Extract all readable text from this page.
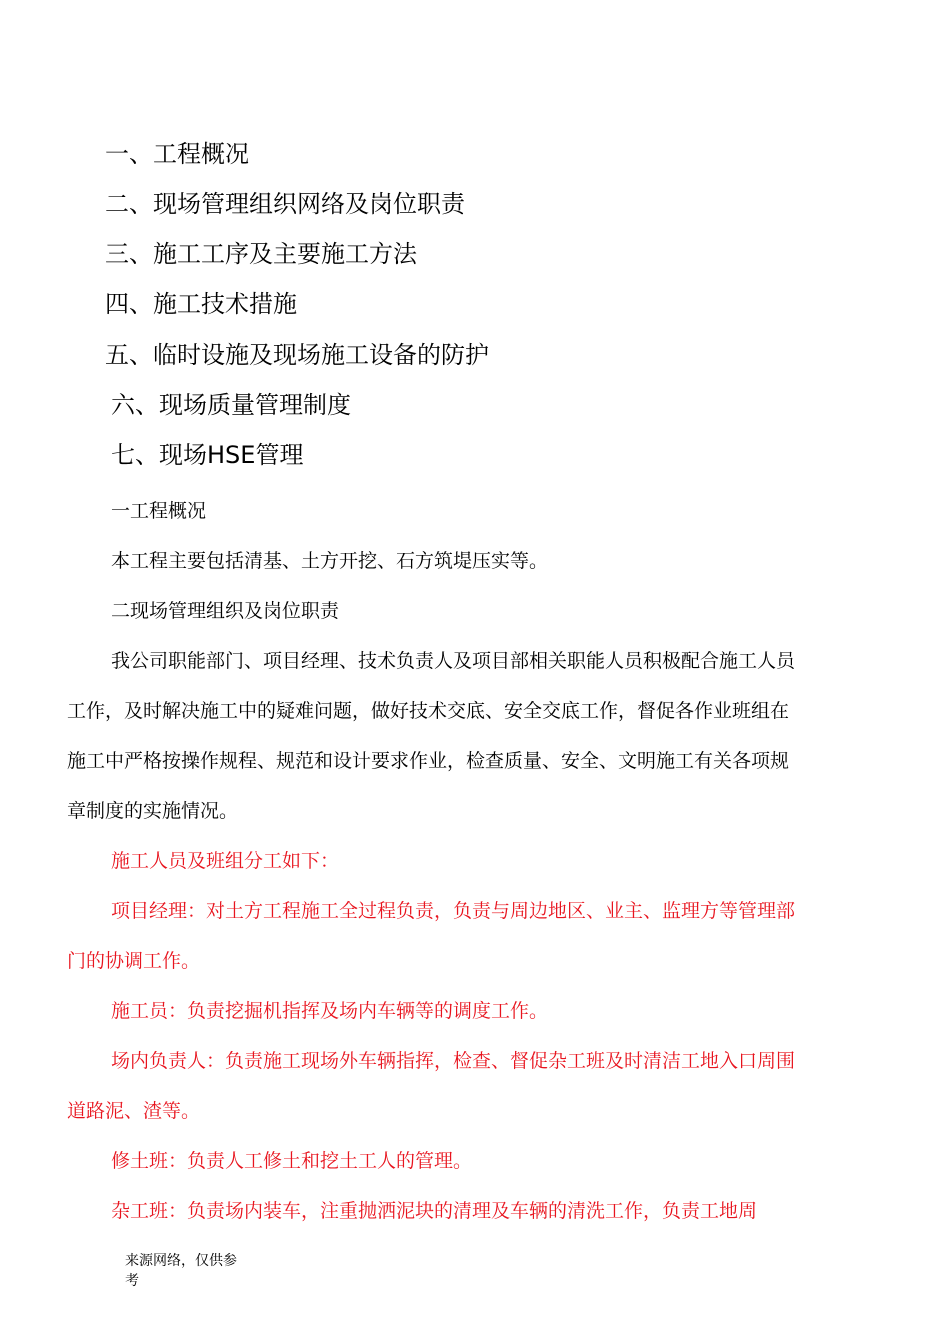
一、工程概况
二、现场管理组织网络及岗位职责
三、施工工序及主要施工方法
四、施工技术措施
五、临时设施及现场施工设备的防护
六、现场质量管理制度
七、现场HSE管理
一工程概况
本工程主要包括清基、土方开挖、石方筑堤压实等。
二现场管理组织及岗位职责
我公司职能部门、项目经理、技术负责人及项目部相关职能人员积极配合施工人员
工作，及时解决施工中的疑难问题，做好技术交底、安全交底工作，督促各作业班组在
施工中严格按操作规程、规范和设计要求作业，检查质量、安全、文明施工有关各项规
章制度的实施情况。
施工人员及班组分工如下：
项目经理：对土方工程施工全过程负责，负责与周边地区、业主、监理方等管理部
门的协调工作。
施工员：负责挖掘机指挥及场内车辆等的调度工作。
场内负责人：负责施工现场外车辆指挥，检查、督促杂工班及时清洁工地入口周围
道路泥、渣等。
修土班：负责人工修土和挖土工人的管理。
杂工班：负责场内装车，注重抛洒泥块的清理及车辆的清洗工作，负责工地周
来源网络，仅供参
考
